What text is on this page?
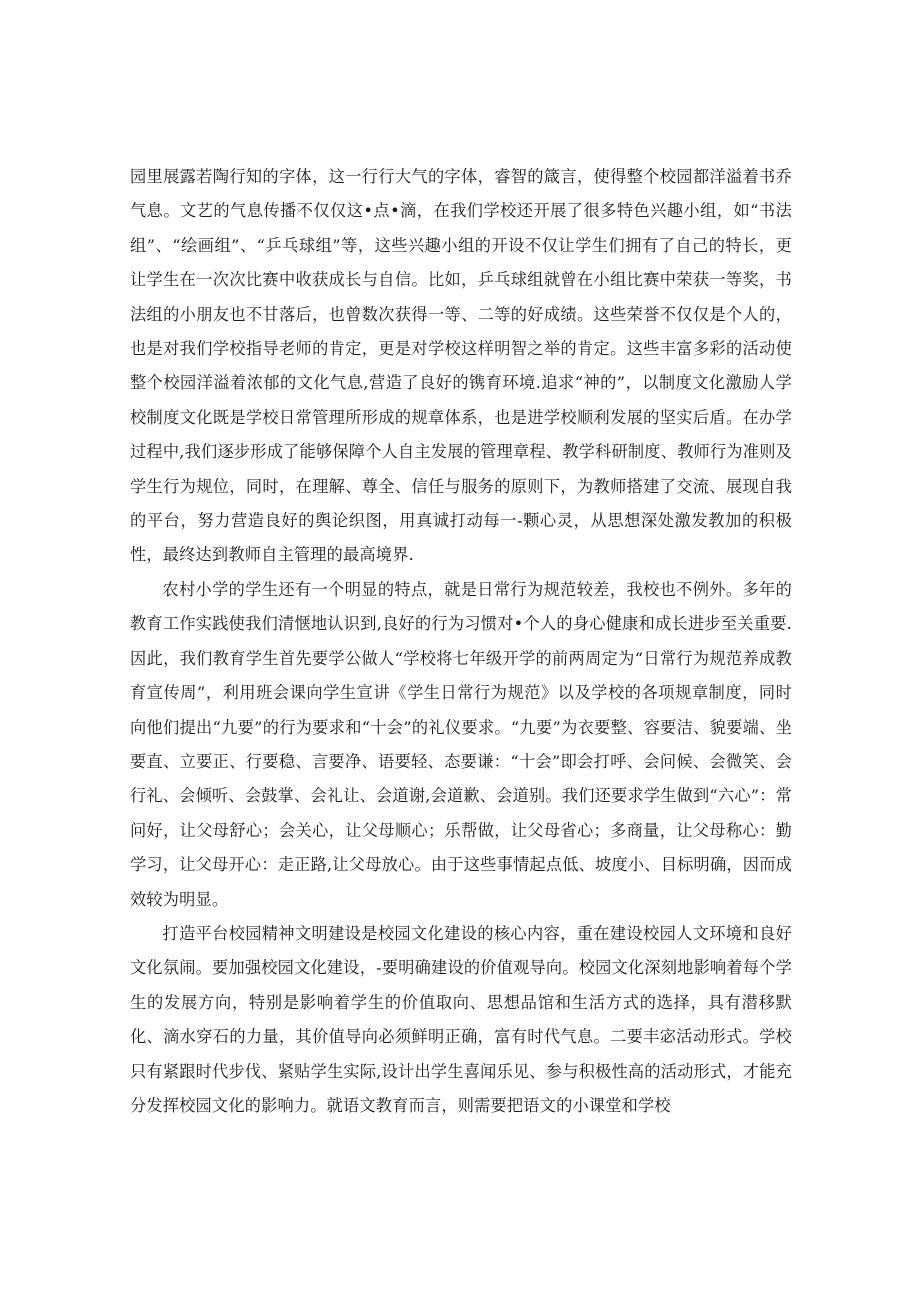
园里展露若陶行知的字体，这一行行大气的字体，睿智的箴言，使得整个校园都洋溢着书乔气息。文艺的气息传播不仅仅这•点•滴，在我们学校还开展了很多特色兴趣小组，如“书法组”、“绘画组”、“乒乓球组”等，这些兴趣小组的开设不仅让学生们拥有了自己的特长，更让学生在一次次比赛中收获成长与自信。比如，乒乓球组就曾在小组比赛中荣获一等奖，书法组的小朋友也不甘落后，也曾数次获得一等、二等的好成绩。这些荣誉不仅仅是个人的，也是对我们学校指导老师的肯定，更是对学校这样明智之举的肯定。这些丰富多彩的活动使整个校园洋溢着浓郁的文化气息,营造了良好的镌育环境.追求“神的”，以制度文化激励人学校制度文化既是学校日常管理所形成的规章体系，也是进学校顺利发展的坚实后盾。在办学过程中,我们逐步形成了能够保障个人自主发展的管理章程、教学科研制度、教师行为准则及学生行为规位，同时，在理解、尊全、信任与服务的原则下，为教师搭建了交流、展现自我的平台，努力营造良好的舆论织图，用真诚打动每一-颗心灵，从思想深处激发教加的积极性，最终达到教师自主管理的最高境界.

农村小学的学生还有一个明显的特点，就是日常行为规范较差，我校也不例外。多年的教育工作实践使我们清惬地认识到,良好的行为习惯对•个人的身心健康和成长进步至关重要.因此，我们教育学生首先要学公做人“学校将七年级开学的前两周定为“日常行为规范养成教育宣传周”，利用班会课向学生宣讲《学生日常行为规范》以及学校的各项规章制度，同时向他们提出“九要”的行为要求和“十会”的礼仪要求。“九要”为衣要整、容要洁、貌要端、坐要直、立要正、行要稳、言要净、语要轻、态要谦：“十会”即会打呼、会问候、会微笑、会行礼、会倾听、会鼓掌、会礼让、会道谢,会道歉、会道别。我们还要求学生做到“六心”：常问好，让父母舒心；会关心，让父母顺心；乐帮做，让父母省心；多商量，让父母称心：勤学习，让父母开心：走正路,让父母放心。由于这些事情起点低、坡度小、目标明确，因而成效较为明显。

打造平台校园精神文明建设是校园文化建设的核心内容，重在建设校园人文环境和良好文化氛闹。要加强校园文化建设，-要明确建设的价值观导向。校园文化深刻地影响着每个学生的发展方向，特别是影响着学生的价值取向、思想品馆和生活方式的选择，具有潜移默化、滴水穿石的力量，其价值导向必须鲜明正确，富有时代气息。二要丰宓活动形式。学校只有紧跟时代步伐、紧贴学生实际,设计出学生喜闻乐见、参与积极性高的活动形式，才能充分发挥校园文化的影响力。就语文教育而言，则需要把语文的小课堂和学校
